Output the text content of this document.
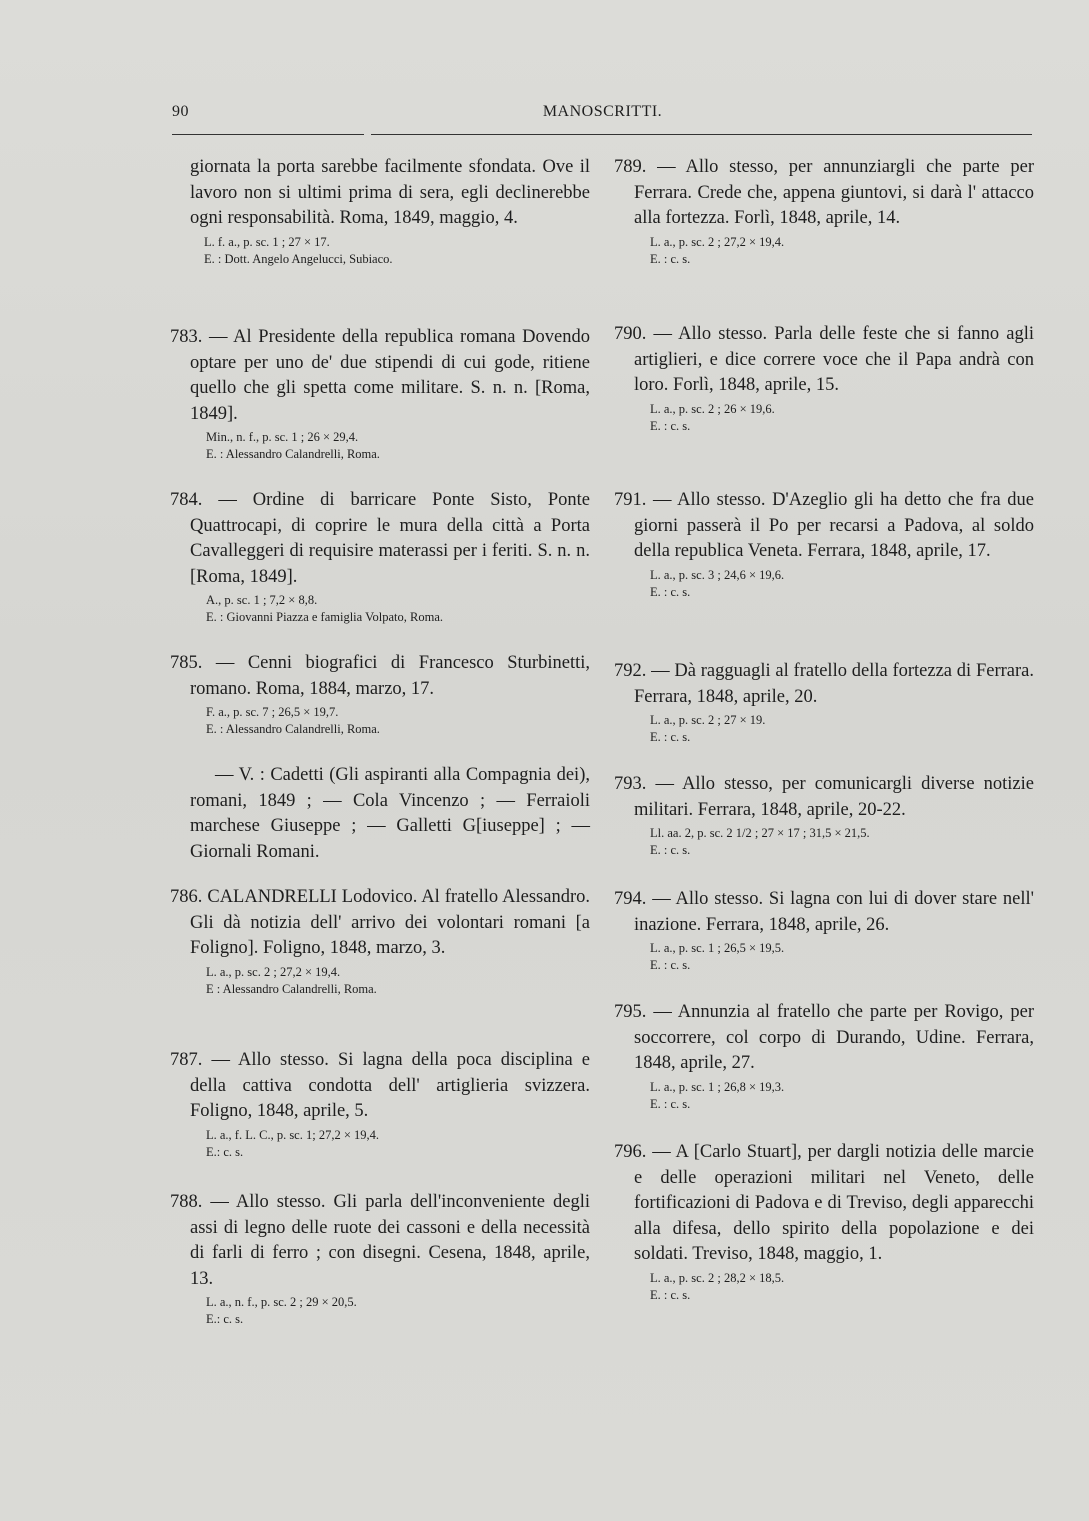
90	MANOSCRITTI.
giornata la porta sarebbe facilmente sfondata. Ove il lavoro non si ultimi prima di sera, egli declinerebbe ogni responsabilità. Roma, 1849, maggio, 4.
L. f. a., p. sc. 1 ; 27 × 17.
E. : Dott. Angelo Angelucci, Subiaco.
783. — Al Presidente della republica romana Dovendo optare per uno de' due stipendi di cui gode, ritiene quello che gli spetta come militare. S. n. n. [Roma, 1849].
Min., n. f., p. sc. 1 ; 26 × 29,4.
E. : Alessandro Calandrelli, Roma.
784. — Ordine di barricare Ponte Sisto, Ponte Quattrocapi, di coprire le mura della città a Porta Cavalleggeri di requisire materassi per i feriti. S. n. n. [Roma, 1849].
A., p. sc. 1 ; 7,2 × 8,8.
E. : Giovanni Piazza e famiglia Volpato, Roma.
785. — Cenni biografici di Francesco Sturbinetti, romano. Roma, 1884, marzo, 17.
F. a., p. sc. 7 ; 26,5 × 19,7.
E. : Alessandro Calandrelli, Roma.
— V. : Cadetti (Gli aspiranti alla Compagnia dei), romani, 1849 ; — Cola Vincenzo ; — Ferraioli marchese Giuseppe ; — Galletti G[iuseppe] ; — Giornali Romani.
786. CALANDRELLI Lodovico. Al fratello Alessandro. Gli dà notizia dell' arrivo dei volontari romani [a Foligno]. Foligno, 1848, marzo, 3.
L. a., p. sc. 2 ; 27,2 × 19,4.
E : Alessandro Calandrelli, Roma.
787. — Allo stesso. Si lagna della poca disciplina e della cattiva condotta dell' artiglieria svizzera. Foligno, 1848, aprile, 5.
L. a., f. L. C., p. sc. 1; 27,2 × 19,4.
E.: c. s.
788. — Allo stesso. Gli parla dell'inconveniente degli assi di legno delle ruote dei cassoni e della necessità di farli di ferro ; con disegni. Cesena, 1848, aprile, 13.
L. a., n. f., p. sc. 2 ; 29 × 20,5.
E.: c. s.
789. — Allo stesso, per annunziargli che parte per Ferrara. Crede che, appena giuntovi, si darà l' attacco alla fortezza. Forlì, 1848, aprile, 14.
L. a., p. sc. 2 ; 27,2 × 19,4.
E. : c. s.
790. — Allo stesso. Parla delle feste che si fanno agli artiglieri, e dice correre voce che il Papa andrà con loro. Forlì, 1848, aprile, 15.
L. a., p. sc. 2 ; 26 × 19,6.
E. : c. s.
791. — Allo stesso. D'Azeglio gli ha detto che fra due giorni passerà il Po per recarsi a Padova, al soldo della republica Veneta. Ferrara, 1848, aprile, 17.
L. a., p. sc. 3 ; 24,6 × 19,6.
E. : c. s.
792. — Dà ragguagli al fratello della fortezza di Ferrara. Ferrara, 1848, aprile, 20.
L. a., p. sc. 2 ; 27 × 19.
E. : c. s.
793. — Allo stesso, per comunicargli diverse notizie militari. Ferrara, 1848, aprile, 20-22.
Ll. aa. 2, p. sc. 2 1/2 ; 27 × 17 ; 31,5 × 21,5.
E. : c. s.
794. — Allo stesso. Si lagna con lui di dover stare nell' inazione. Ferrara, 1848, aprile, 26.
L. a., p. sc. 1 ; 26,5 × 19,5.
E. : c. s.
795. — Annunzia al fratello che parte per Rovigo, per soccorrere, col corpo di Durando, Udine. Ferrara, 1848, aprile, 27.
L. a., p. sc. 1 ; 26,8 × 19,3.
E. : c. s.
796. — A [Carlo Stuart], per dargli notizia delle marcie e delle operazioni militari nel Veneto, delle fortificazioni di Padova e di Treviso, degli apparecchi alla difesa, dello spirito della popolazione e dei soldati. Treviso, 1848, maggio, 1.
L. a., p. sc. 2 ; 28,2 × 18,5.
E. : c. s.
